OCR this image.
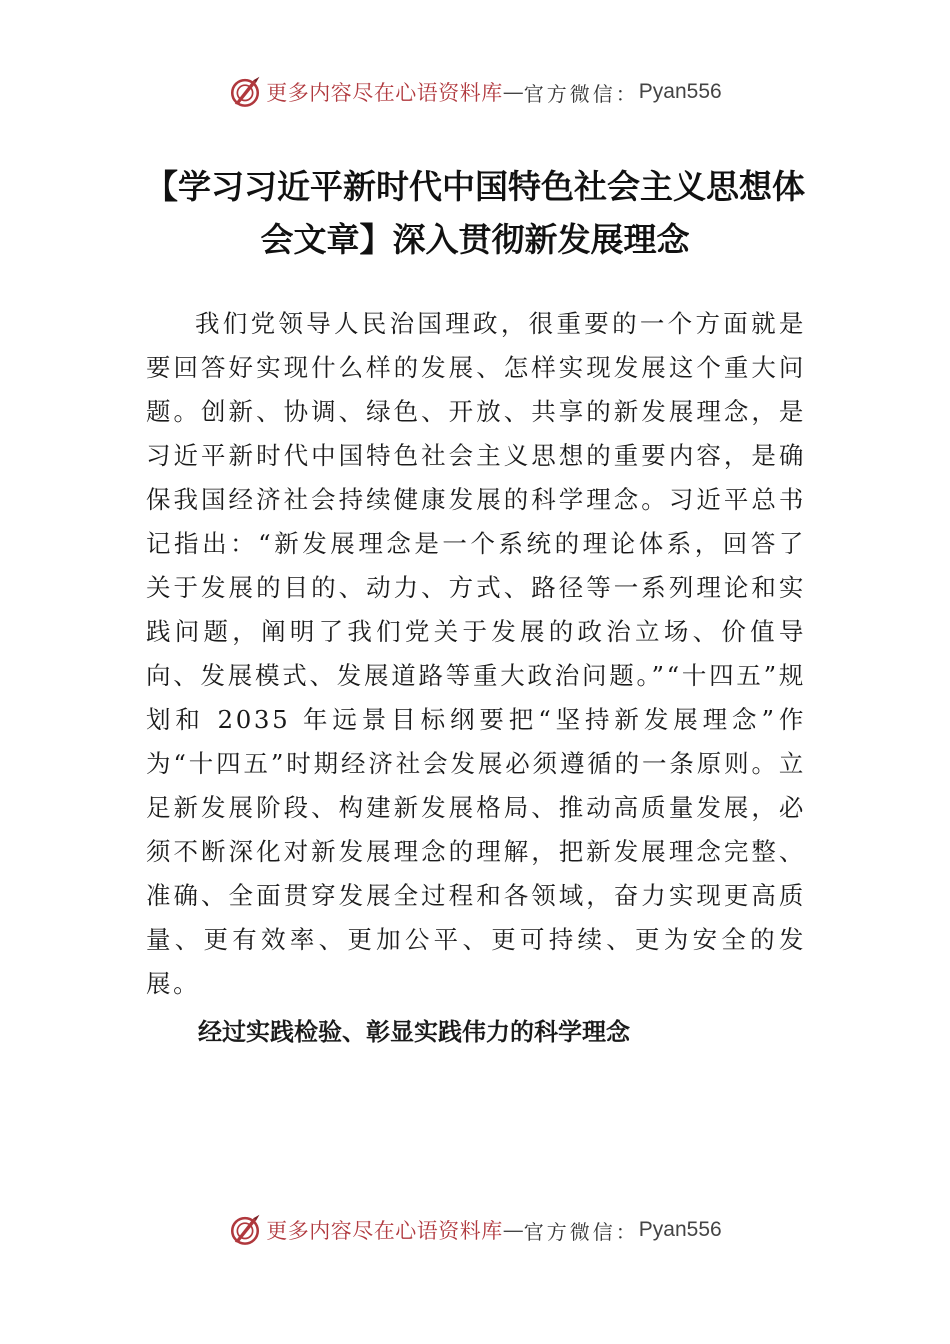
更多内容尽在心语资料库 — 官方微信： Pyan556
【学习习近平新时代中国特色社会主义思想体会文章】深入贯彻新发展理念

我们党领导人民治国理政，很重要的一个方面就是要回答好实现什么样的发展、怎样实现发展这个重大问题。创新、协调、绿色、开放、共享的新发展理念，是习近平新时代中国特色社会主义思想的重要内容，是确保我国经济社会持续健康发展的科学理念。习近平总书记指出：“新发展理念是一个系统的理论体系，回答了关于发展的目的、动力、方式、路径等一系列理论和实践问题，阐明了我们党关于发展的政治立场、价值导向、发展模式、发展道路等重大政治问题。”“十四五”规划和 2035 年远景目标纲要把“坚持新发展理念”作为“十四五”时期经济社会发展必须遵循的一条原则。立足新发展阶段、构建新发展格局、推动高质量发展，必须不断深化对新发展理念的理解，把新发展理念完整、准确、全面贯穿发展全过程和各领域，奋力实现更高质量、更有效率、更加公平、更可持续、更为安全的发展。

经过实践检验、彰显实践伟力的科学理念
更多内容尽在心语资料库 — 官方微信： Pyan556
